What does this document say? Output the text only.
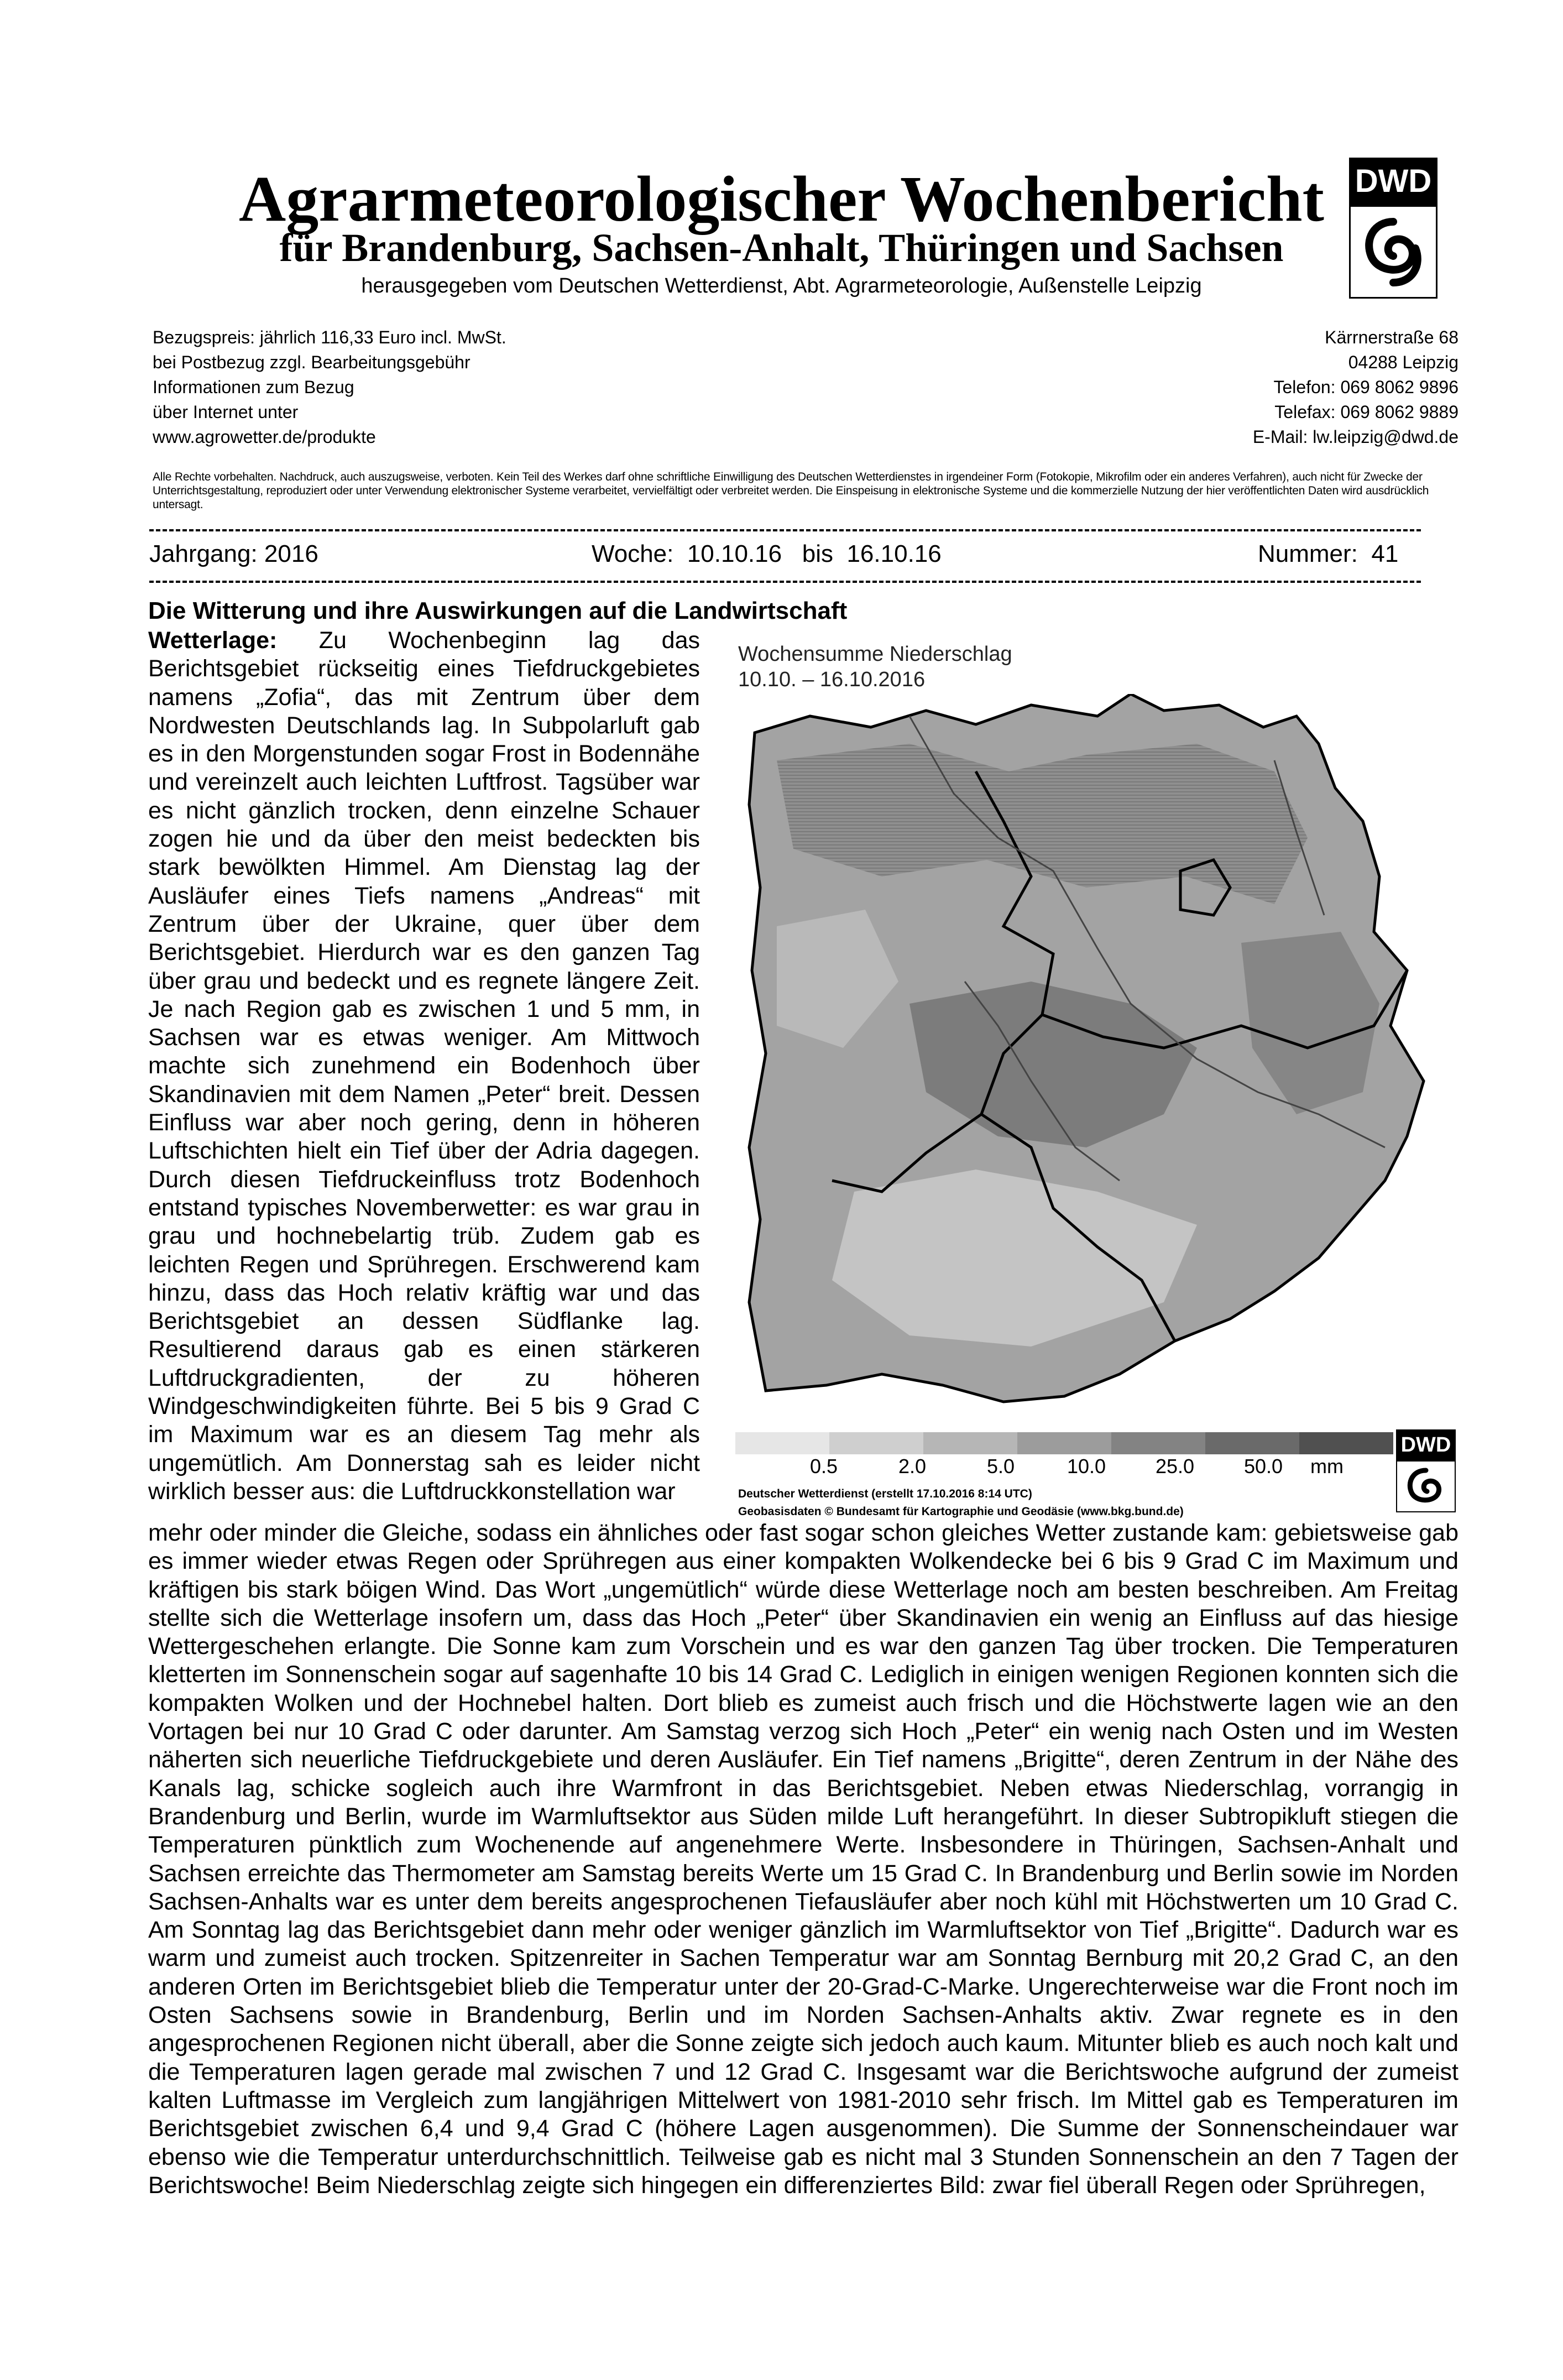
Agrarmeteorologischer Wochenbericht
für Brandenburg, Sachsen-Anhalt, Thüringen und Sachsen
herausgegeben vom Deutschen Wetterdienst, Abt. Agrarmeteorologie, Außenstelle Leipzig
DWD
Bezugspreis: jährlich 116,33 Euro incl. MwSt.
bei Postbezug zzgl. Bearbeitungsgebühr
Informationen zum Bezug
über Internet unter
www.agrowetter.de/produkte
Kärrnerstraße 68
04288 Leipzig
Telefon: 069 8062 9896
Telefax: 069 8062 9889
E-Mail: lw.leipzig@dwd.de
Alle Rechte vorbehalten. Nachdruck, auch auszugsweise, verboten. Kein Teil des Werkes darf ohne schriftliche Einwilligung des Deutschen Wetterdienstes in irgendeiner Form (Fotokopie, Mikrofilm oder ein anderes Verfahren), auch nicht für Zwecke der Unterrichtsgestaltung, reproduziert oder unter Verwendung elektronischer Systeme verarbeitet, vervielfältigt oder verbreitet werden. Die Einspeisung in elektronische Systeme und die kommerzielle Nutzung der hier veröffentlichten Daten wird ausdrücklich untersagt.
Jahrgang: 2016	Woche:  10.10.16   bis  16.10.16	Nummer:  41
Die Witterung und ihre Auswirkungen auf die Landwirtschaft
Wetterlage: Zu Wochenbeginn lag das Berichtsgebiet rückseitig eines Tiefdruckgebietes namens „Zofia“, das mit Zentrum über dem Nordwesten Deutschlands lag. In Subpolarluft gab es in den Morgenstunden sogar Frost in Bodennähe und vereinzelt auch leichten Luftfrost. Tagsüber war es nicht gänzlich trocken, denn einzelne Schauer zogen hie und da über den meist bedeckten bis stark bewölkten Himmel. Am Dienstag lag der Ausläufer eines Tiefs namens „Andreas“ mit Zentrum über der Ukraine, quer über dem Berichtsgebiet. Hierdurch war es den ganzen Tag über grau und bedeckt und es regnete längere Zeit. Je nach Region gab es zwischen 1 und 5 mm, in Sachsen war es etwas weniger. Am Mittwoch machte sich zunehmend ein Bodenhoch über Skandinavien mit dem Namen „Peter“ breit. Dessen Einfluss war aber noch gering, denn in höheren Luftschichten hielt ein Tief über der Adria dagegen. Durch diesen Tiefdruckeinfluss trotz Bodenhoch entstand typisches Novemberwetter: es war grau in grau und hochnebelartig trüb. Zudem gab es leichten Regen und Sprühregen. Erschwerend kam hinzu, dass das Hoch relativ kräftig war und das Berichtsgebiet an dessen Südflanke lag. Resultierend daraus gab es einen stärkeren Luftdruckgradienten, der zu höheren Windgeschwindigkeiten führte. Bei 5 bis 9 Grad C im Maximum war es an diesem Tag mehr als ungemütlich. Am Donnerstag sah es leider nicht wirklich besser aus: die Luftdruckkonstellation war
Wochensumme Niederschlag
10.10. – 16.10.2016
0.5	2.0	5.0	10.0 25.0 50.0 mm
Deutscher Wetterdienst (erstellt 17.10.2016 8:14 UTC)
Geobasisdaten © Bundesamt für Kartographie und Geodäsie (www.bkg.bund.de)
DWD
mehr oder minder die Gleiche, sodass ein ähnliches oder fast sogar schon gleiches Wetter zustande kam: gebietsweise gab es immer wieder etwas Regen oder Sprühregen aus einer kompakten Wolkendecke bei 6 bis 9 Grad C im Maximum und kräftigen bis stark böigen Wind. Das Wort „ungemütlich“ würde diese Wetterlage noch am besten beschreiben. Am Freitag stellte sich die Wetterlage insofern um, dass das Hoch „Peter“ über Skandinavien ein wenig an Einfluss auf das hiesige Wettergeschehen erlangte. Die Sonne kam zum Vorschein und es war den ganzen Tag über trocken. Die Temperaturen kletterten im Sonnenschein sogar auf sagenhafte 10 bis 14 Grad C. Lediglich in einigen wenigen Regionen konnten sich die kompakten Wolken und der Hochnebel halten. Dort blieb es zumeist auch frisch und die Höchstwerte lagen wie an den Vortagen bei nur 10 Grad C oder darunter. Am Samstag verzog sich Hoch „Peter“ ein wenig nach Osten und im Westen näherten sich neuerliche Tiefdruckgebiete und deren Ausläufer. Ein Tief namens „Brigitte“, deren Zentrum in der Nähe des Kanals lag, schicke sogleich auch ihre Warmfront in das Berichtsgebiet. Neben etwas Niederschlag, vorrangig in Brandenburg und Berlin, wurde im Warmluftsektor aus Süden milde Luft herangeführt. In dieser Subtropikluft stiegen die Temperaturen pünktlich zum Wochenende auf angenehmere Werte. Insbesondere in Thüringen, Sachsen-Anhalt und Sachsen erreichte das Thermometer am Samstag bereits Werte um 15 Grad C. In Brandenburg und Berlin sowie im Norden Sachsen-Anhalts war es unter dem bereits angesprochenen Tiefausläufer aber noch kühl mit Höchstwerten um 10 Grad C. Am Sonntag lag das Berichtsgebiet dann mehr oder weniger gänzlich im Warmluftsektor von Tief „Brigitte“. Dadurch war es warm und zumeist auch trocken. Spitzenreiter in Sachen Temperatur war am Sonntag Bernburg mit 20,2 Grad C, an den anderen Orten im Berichtsgebiet blieb die Temperatur unter der 20-Grad-C-Marke. Ungerechterweise war die Front noch im Osten Sachsens sowie in Brandenburg, Berlin und im Norden Sachsen-Anhalts aktiv. Zwar regnete es in den angesprochenen Regionen nicht überall, aber die Sonne zeigte sich jedoch auch kaum. Mitunter blieb es auch noch kalt und die Temperaturen lagen gerade mal zwischen 7 und 12 Grad C. Insgesamt war die Berichtswoche aufgrund der zumeist kalten Luftmasse im Vergleich zum langjährigen Mittelwert von 1981-2010 sehr frisch. Im Mittel gab es Temperaturen im Berichtsgebiet zwischen 6,4 und 9,4 Grad C (höhere Lagen ausgenommen). Die Summe der Sonnenscheindauer war ebenso wie die Temperatur unterdurchschnittlich. Teilweise gab es nicht mal 3 Stunden Sonnenschein an den 7 Tagen der Berichtswoche! Beim Niederschlag zeigte sich hingegen ein differenziertes Bild: zwar fiel überall Regen oder Sprühregen,
